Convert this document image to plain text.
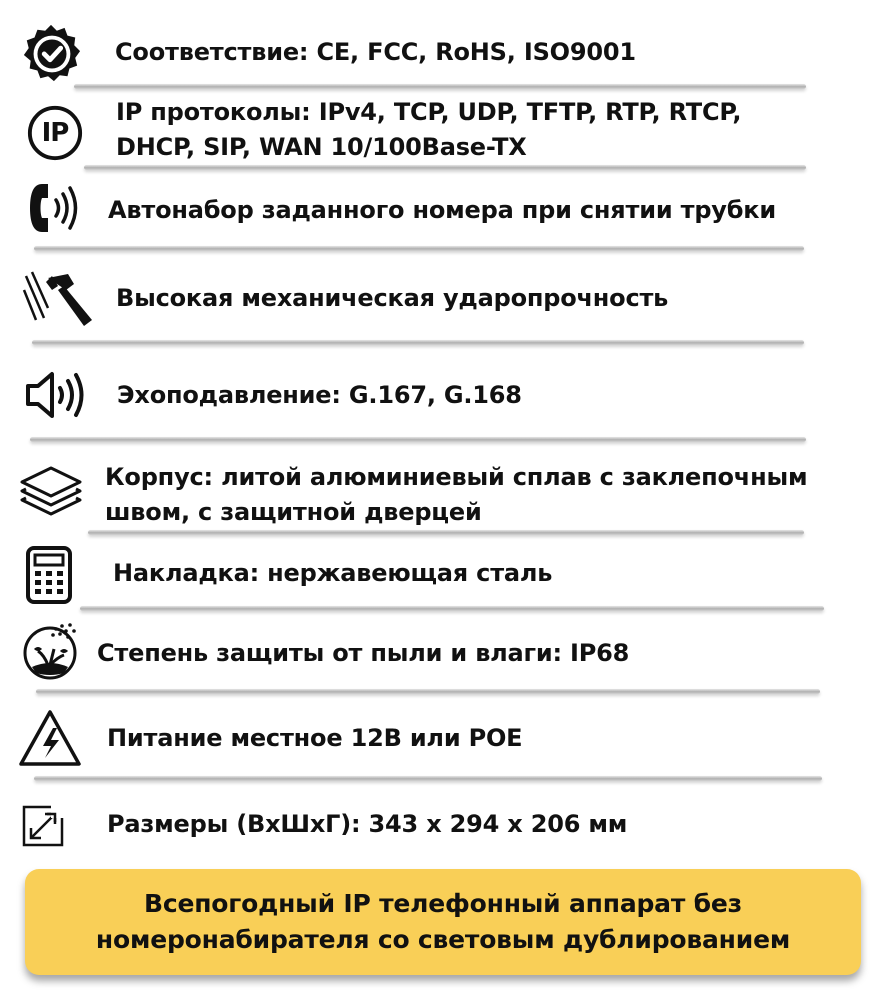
Соответствие: CE, FCC, RoHS, ISO9001
IP
IP протоколы: IPv4, TCP, UDP, TFTP, RTP, RTCP,
DHCP, SIP, WAN 10/100Base-TX
Автонабор заданного номера при снятии трубки
Высокая механическая ударопрочность
Эхоподавление: G.167, G.168
Корпус: литой алюминиевый сплав с заклепочным
швом, с защитной дверцей
Накладка: нержавеющая сталь
Степень защиты от пыли и влаги: IP68
Питание местное 12В или POE
Размеры (ВхШхГ): 343 х 294 х 206 мм
Всепогодный IP телефонный аппарат без
номеронабирателя со световым дублированием
